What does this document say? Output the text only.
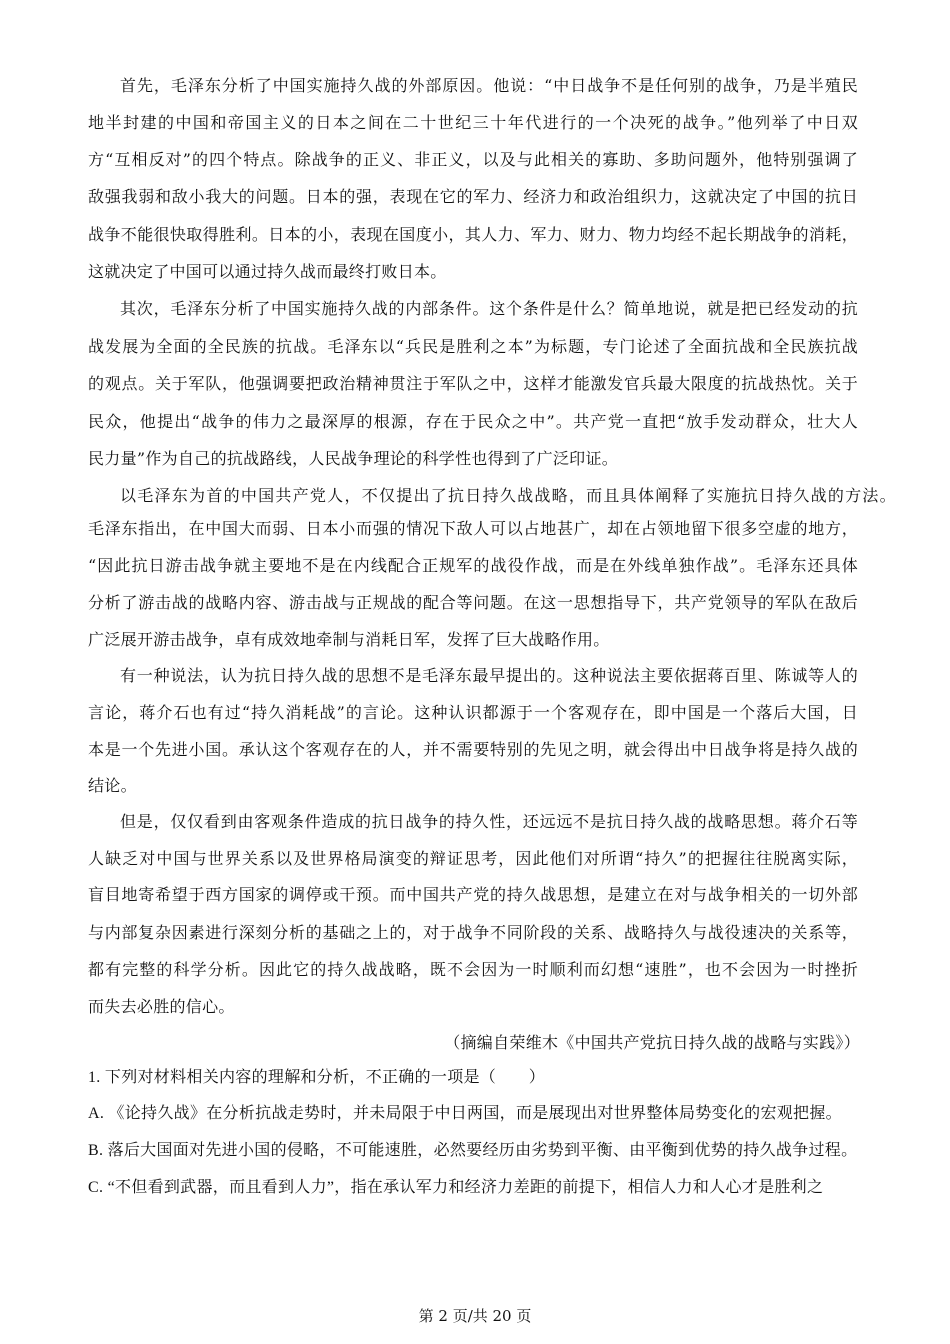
首先，毛泽东分析了中国实施持久战的外部原因。他说：“中日战争不是任何别的战争，乃是半殖民
地半封建的中国和帝国主义的日本之间在二十世纪三十年代进行的一个决死的战争。”他列举了中日双
方“互相反对”的四个特点。除战争的正义、非正义，以及与此相关的寡助、多助问题外，他特别强调了
敌强我弱和敌小我大的问题。日本的强，表现在它的军力、经济力和政治组织力，这就决定了中国的抗日
战争不能很快取得胜利。日本的小，表现在国度小，其人力、军力、财力、物力均经不起长期战争的消耗，
这就决定了中国可以通过持久战而最终打败日本。
其次，毛泽东分析了中国实施持久战的内部条件。这个条件是什么？简单地说，就是把已经发动的抗
战发展为全面的全民族的抗战。毛泽东以“兵民是胜利之本”为标题，专门论述了全面抗战和全民族抗战
的观点。关于军队，他强调要把政治精神贯注于军队之中，这样才能激发官兵最大限度的抗战热忱。关于
民众，他提出“战争的伟力之最深厚的根源，存在于民众之中”。共产党一直把“放手发动群众，壮大人
民力量”作为自己的抗战路线，人民战争理论的科学性也得到了广泛印证。
以毛泽东为首的中国共产党人，不仅提出了抗日持久战战略，而且具体阐释了实施抗日持久战的方法。
毛泽东指出，在中国大而弱、日本小而强的情况下敌人可以占地甚广，却在占领地留下很多空虚的地方，
“因此抗日游击战争就主要地不是在内线配合正规军的战役作战，而是在外线单独作战”。毛泽东还具体
分析了游击战的战略内容、游击战与正规战的配合等问题。在这一思想指导下，共产党领导的军队在敌后
广泛展开游击战争，卓有成效地牵制与消耗日军，发挥了巨大战略作用。
有一种说法，认为抗日持久战的思想不是毛泽东最早提出的。这种说法主要依据蒋百里、陈诚等人的
言论，蒋介石也有过“持久消耗战”的言论。这种认识都源于一个客观存在，即中国是一个落后大国，日
本是一个先进小国。承认这个客观存在的人，并不需要特别的先见之明，就会得出中日战争将是持久战的
结论。
但是，仅仅看到由客观条件造成的抗日战争的持久性，还远远不是抗日持久战的战略思想。蒋介石等
人缺乏对中国与世界关系以及世界格局演变的辩证思考，因此他们对所谓“持久”的把握往往脱离实际，
盲目地寄希望于西方国家的调停或干预。而中国共产党的持久战思想，是建立在对与战争相关的一切外部
与内部复杂因素进行深刻分析的基础之上的，对于战争不同阶段的关系、战略持久与战役速决的关系等，
都有完整的科学分析。因此它的持久战战略，既不会因为一时顺利而幻想“速胜”，也不会因为一时挫折
而失去必胜的信心。
（摘编自荣维木《中国共产党抗日持久战的战略与实践》）
1. 下列对材料相关内容的理解和分析，不正确的一项是（　　）
A. 《论持久战》在分析抗战走势时，并未局限于中日两国，而是展现出对世界整体局势变化的宏观把握。
B. 落后大国面对先进小国的侵略，不可能速胜，必然要经历由劣势到平衡、由平衡到优势的持久战争过程。
C. “不但看到武器，而且看到人力”，指在承认军力和经济力差距的前提下，相信人力和人心才是胜利之
第 2 页/共 20 页
